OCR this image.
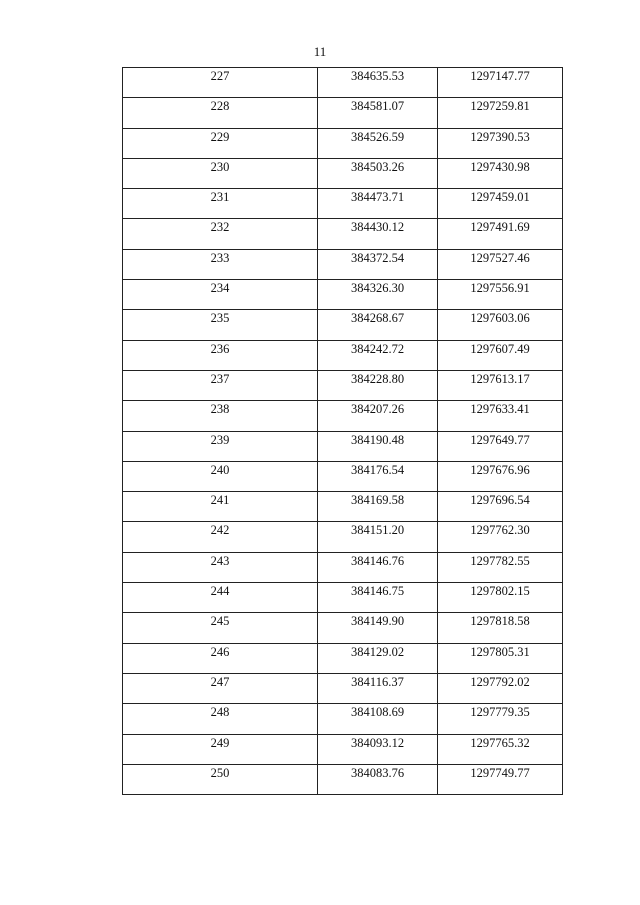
11
227	384635.53	1297147.77
228	384581.07	1297259.81
229	384526.59	1297390.53
230	384503.26	1297430.98
231	384473.71	1297459.01
232	384430.12	1297491.69
233	384372.54	1297527.46
234	384326.30	1297556.91
235	384268.67	1297603.06
236	384242.72	1297607.49
237	384228.80	1297613.17
238	384207.26	1297633.41
239	384190.48	1297649.77
240	384176.54	1297676.96
241	384169.58	1297696.54
242	384151.20	1297762.30
243	384146.76	1297782.55
244	384146.75	1297802.15
245	384149.90	1297818.58
246	384129.02	1297805.31
247	384116.37	1297792.02
248	384108.69	1297779.35
249	384093.12	1297765.32
250	384083.76	1297749.77
